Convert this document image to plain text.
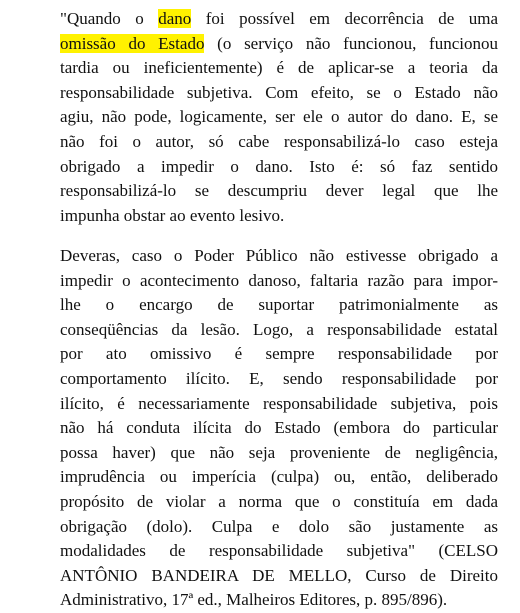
"Quando o dano foi possível em decorrência de uma
omissão do Estado (o serviço não funcionou, funcionou
tardia ou ineficientemente) é de aplicar-se a teoria da
responsabilidade subjetiva. Com efeito, se o Estado não
agiu, não pode, logicamente, ser ele o autor do dano. E, se
não foi o autor, só cabe responsabilizá-lo caso esteja
obrigado a impedir o dano. Isto é: só faz sentido
responsabilizá-lo se descumpriu dever legal que lhe
impunha obstar ao evento lesivo.
Deveras, caso o Poder Público não estivesse obrigado a
impedir o acontecimento danoso, faltaria razão para impor-
lhe o encargo de suportar patrimonialmente as
conseqüências da lesão. Logo, a responsabilidade estatal
por ato omissivo é sempre responsabilidade por
comportamento ilícito. E, sendo responsabilidade por
ilícito, é necessariamente responsabilidade subjetiva, pois
não há conduta ilícita do Estado (embora do particular
possa haver) que não seja proveniente de negligência,
imprudência ou imperícia (culpa) ou, então, deliberado
propósito de violar a norma que o constituía em dada
obrigação (dolo). Culpa e dolo são justamente as
modalidades de responsabilidade subjetiva" (CELSO
ANTÔNIO BANDEIRA DE MELLO, Curso de Direito
Administrativo, 17ª ed., Malheiros Editores, p. 895/896).
